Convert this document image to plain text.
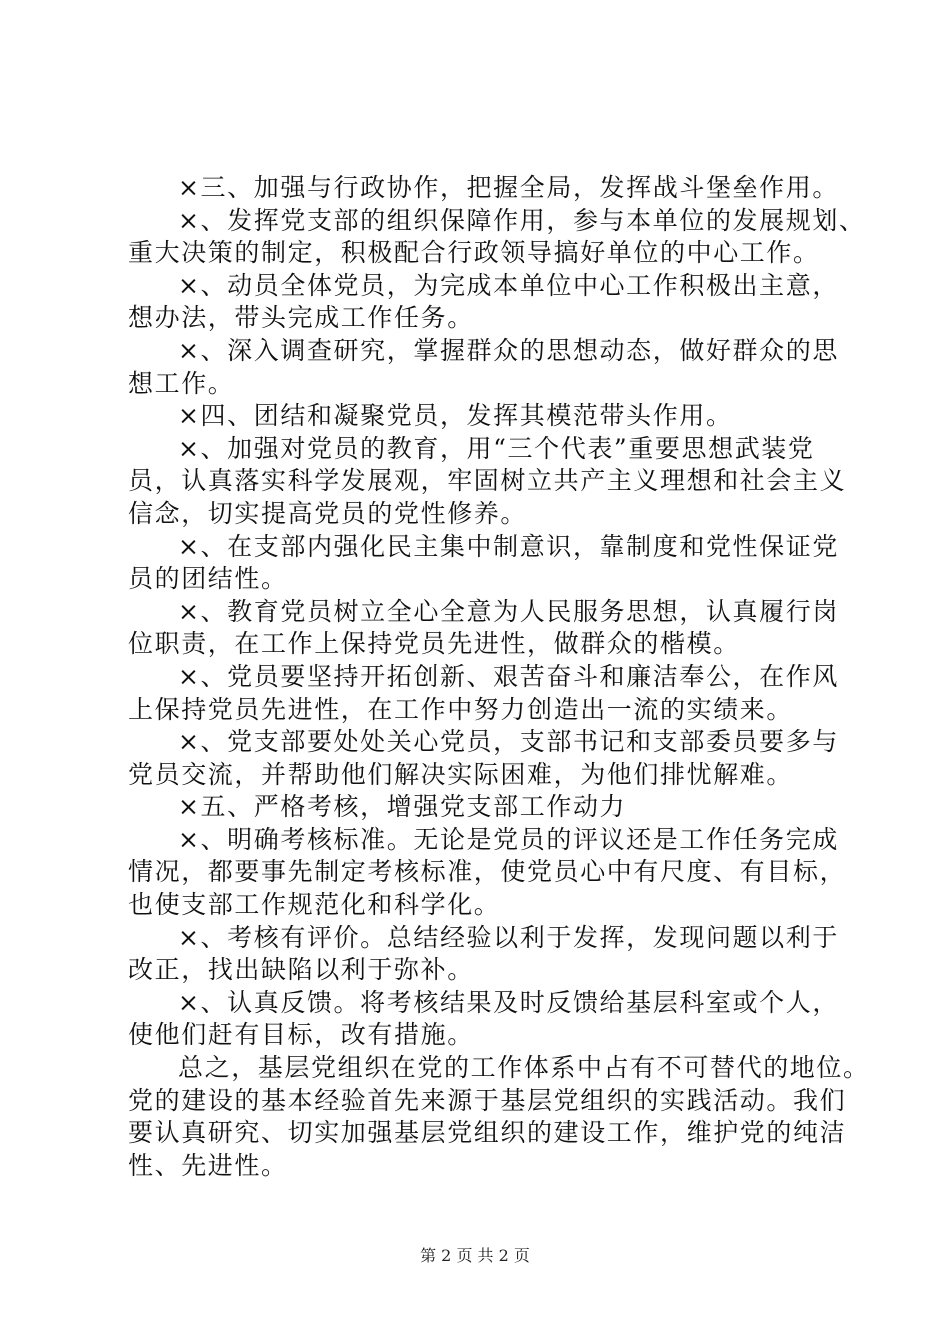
×三、加强与行政协作，把握全局，发挥战斗堡垒作用。
×、发挥党支部的组织保障作用，参与本单位的发展规划、
重大决策的制定，积极配合行政领导搞好单位的中心工作。
×、动员全体党员，为完成本单位中心工作积极出主意，
想办法，带头完成工作任务。
×、深入调查研究，掌握群众的思想动态，做好群众的思
想工作。
×四、团结和凝聚党员，发挥其模范带头作用。
×、加强对党员的教育，用“三个代表”重要思想武装党
员，认真落实科学发展观，牢固树立共产主义理想和社会主义
信念，切实提高党员的党性修养。
×、在支部内强化民主集中制意识，靠制度和党性保证党
员的团结性。
×、教育党员树立全心全意为人民服务思想，认真履行岗
位职责，在工作上保持党员先进性，做群众的楷模。
×、党员要坚持开拓创新、艰苦奋斗和廉洁奉公，在作风
上保持党员先进性，在工作中努力创造出一流的实绩来。
×、党支部要处处关心党员，支部书记和支部委员要多与
党员交流，并帮助他们解决实际困难，为他们排忧解难。
×五、严格考核，增强党支部工作动力
×、明确考核标准。无论是党员的评议还是工作任务完成
情况，都要事先制定考核标准，使党员心中有尺度、有目标，
也使支部工作规范化和科学化。
×、考核有评价。总结经验以利于发挥，发现问题以利于
改正，找出缺陷以利于弥补。
×、认真反馈。将考核结果及时反馈给基层科室或个人，
使他们赶有目标，改有措施。
总之，基层党组织在党的工作体系中占有不可替代的地位。
党的建设的基本经验首先来源于基层党组织的实践活动。我们
要认真研究、切实加强基层党组织的建设工作，维护党的纯洁
性、先进性。
第 2 页 共 2 页
